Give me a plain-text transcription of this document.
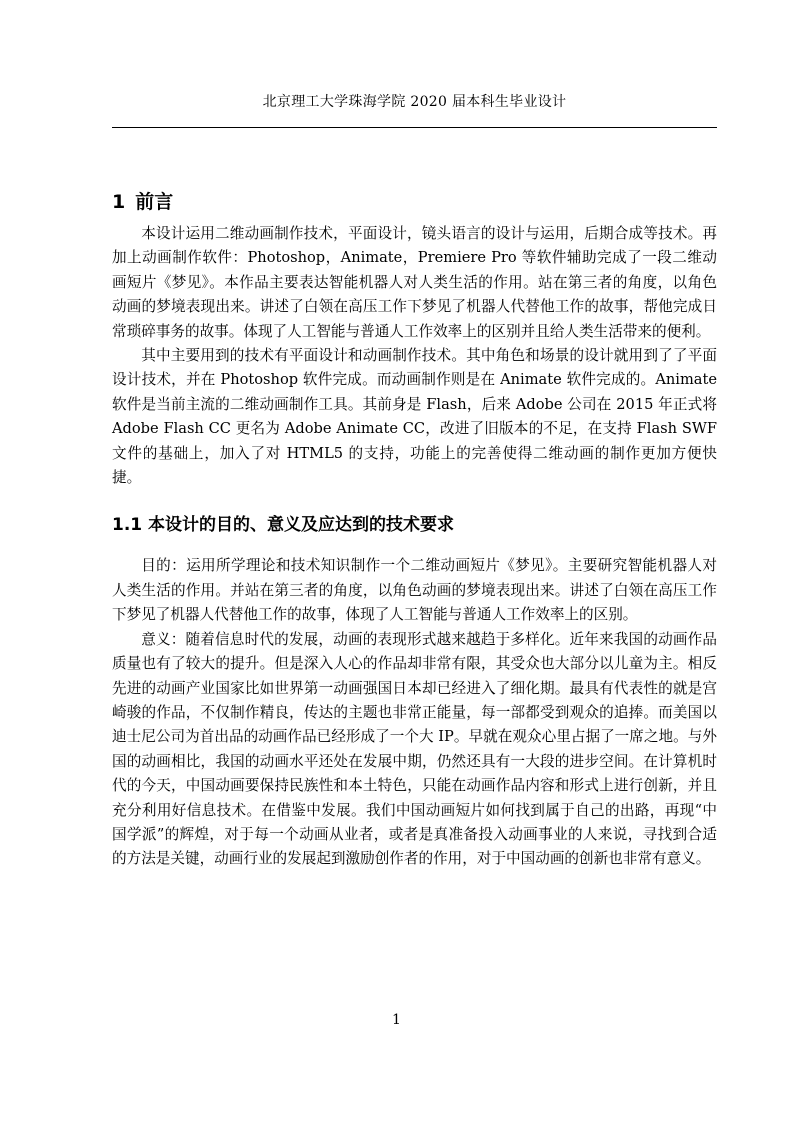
北京理工大学珠海学院 2020 届本科生毕业设计
1 前言

本设计运用二维动画制作技术，平面设计，镜头语言的设计与运用，后期合成等技术。再加上动画制作软件：Photoshop，Animate，Premiere Pro 等软件辅助完成了一段二维动画短片《梦见》。本作品主要表达智能机器人对人类生活的作用。站在第三者的角度，以角色动画的梦境表现出来。讲述了白领在高压工作下梦见了机器人代替他工作的故事，帮他完成日常琐碎事务的故事。体现了人工智能与普通人工作效率上的区别并且给人类生活带来的便利。

其中主要用到的技术有平面设计和动画制作技术。其中角色和场景的设计就用到了了平面设计技术，并在 Photoshop 软件完成。而动画制作则是在 Animate 软件完成的。Animate 软件是当前主流的二维动画制作工具。其前身是 Flash，后来 Adobe 公司在 2015 年正式将 Adobe Flash CC 更名为 Adobe Animate CC，改进了旧版本的不足，在支持 Flash SWF 文件的基础上，加入了对 HTML5 的支持，功能上的完善使得二维动画的制作更加方便快捷。

1.1 本设计的目的、意义及应达到的技术要求

目的：运用所学理论和技术知识制作一个二维动画短片《梦见》。主要研究智能机器人对人类生活的作用。并站在第三者的角度，以角色动画的梦境表现出来。讲述了白领在高压工作下梦见了机器人代替他工作的故事，体现了人工智能与普通人工作效率上的区别。

意义：随着信息时代的发展，动画的表现形式越来越趋于多样化。近年来我国的动画作品质量也有了较大的提升。但是深入人心的作品却非常有限，其受众也大部分以儿童为主。相反先进的动画产业国家比如世界第一动画强国日本却已经进入了细化期。最具有代表性的就是宫崎骏的作品，不仅制作精良，传达的主题也非常正能量，每一部都受到观众的追捧。而美国以迪士尼公司为首出品的动画作品已经形成了一个大 IP。早就在观众心里占据了一席之地。与外国的动画相比，我国的动画水平还处在发展中期，仍然还具有一大段的进步空间。在计算机时代的今天，中国动画要保持民族性和本土特色，只能在动画作品内容和形式上进行创新，并且充分利用好信息技术。在借鉴中发展。我们中国动画短片如何找到属于自己的出路，再现“中国学派”的辉煌，对于每一个动画从业者，或者是真准备投入动画事业的人来说，寻找到合适的方法是关键，动画行业的发展起到激励创作者的作用，对于中国动画的创新也非常有意义。

1
